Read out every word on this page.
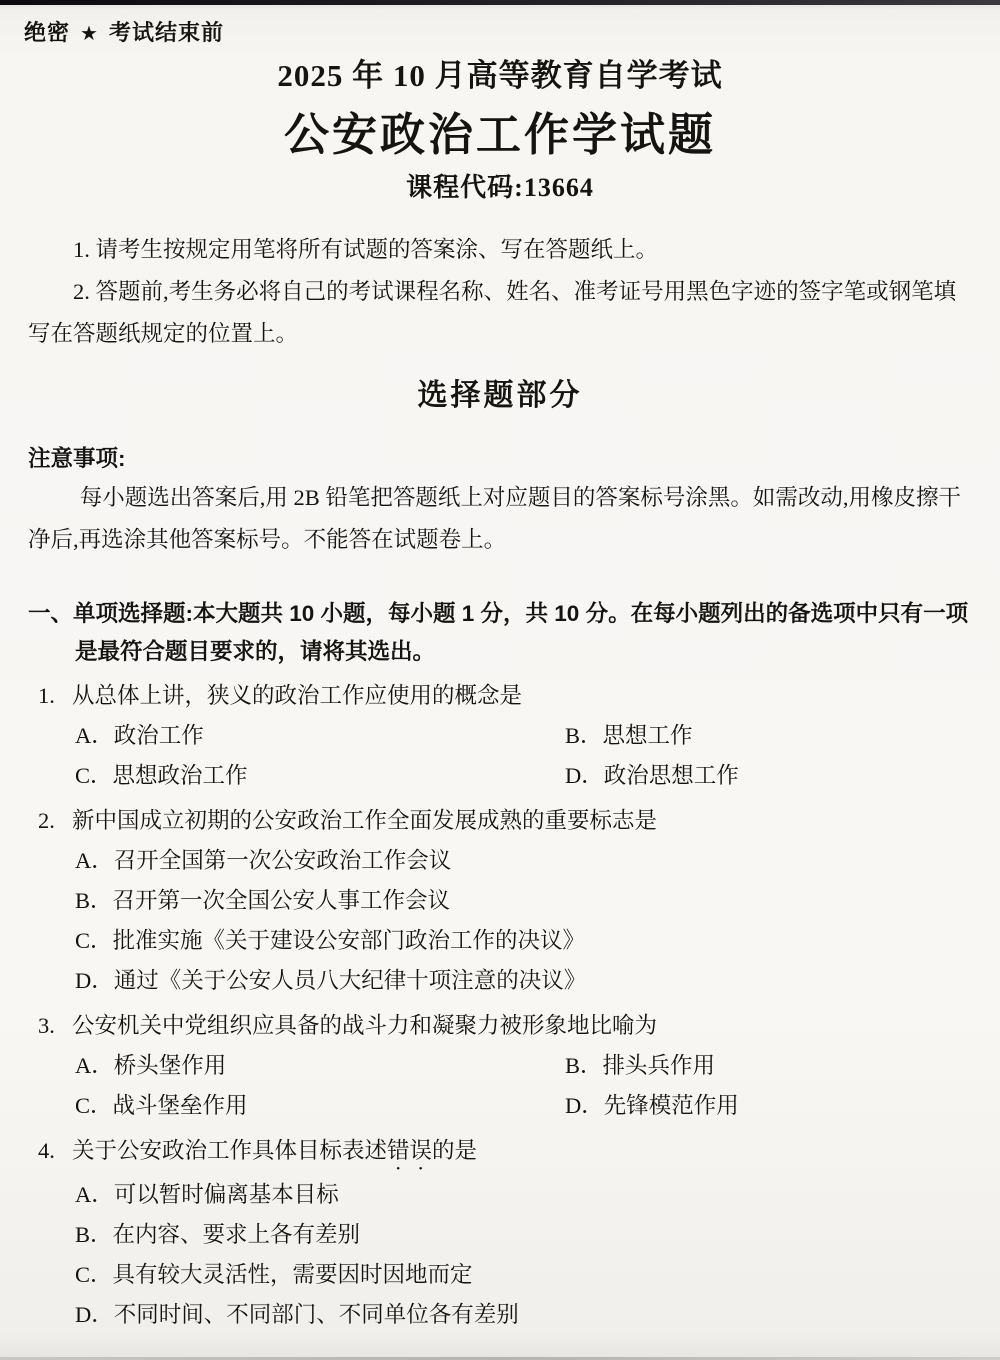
绝密 ★ 考试结束前
2025 年 10 月高等教育自学考试
公安政治工作学试题
课程代码:13664

1. 请考生按规定用笔将所有试题的答案涂、写在答题纸上。

2. 答题前,考生务必将自己的考试课程名称、姓名、准考证号用黑色字迹的签字笔或钢笔填写在答题纸规定的位置上。

选择题部分
注意事项:

每小题选出答案后,用 2B 铅笔把答题纸上对应题目的答案标号涂黑。如需改动,用橡皮擦干净后,再选涂其他答案标号。不能答在试题卷上。

一、单项选择题:本大题共 10 小题，每小题 1 分，共 10 分。在每小题列出的备选项中只有一项是最符合题目要求的，请将其选出。

1. 从总体上讲，狭义的政治工作应使用的概念是

A．政治工作	B．思想工作
C．思想政治工作	D．政治思想工作

2. 新中国成立初期的公安政治工作全面发展成熟的重要标志是

A．召开全国第一次公安政治工作会议
B．召开第一次全国公安人事工作会议
C．批准实施《关于建设公安部门政治工作的决议》
D．通过《关于公安人员八大纪律十项注意的决议》

3. 公安机关中党组织应具备的战斗力和凝聚力被形象地比喻为

A．桥头堡作用	B．排头兵作用
C．战斗堡垒作用	D．先锋模范作用

4. 关于公安政治工作具体目标表述错误的是

A．可以暂时偏离基本目标
B．在内容、要求上各有差别
C．具有较大灵活性，需要因时因地而定
D．不同时间、不同部门、不同单位各有差别
